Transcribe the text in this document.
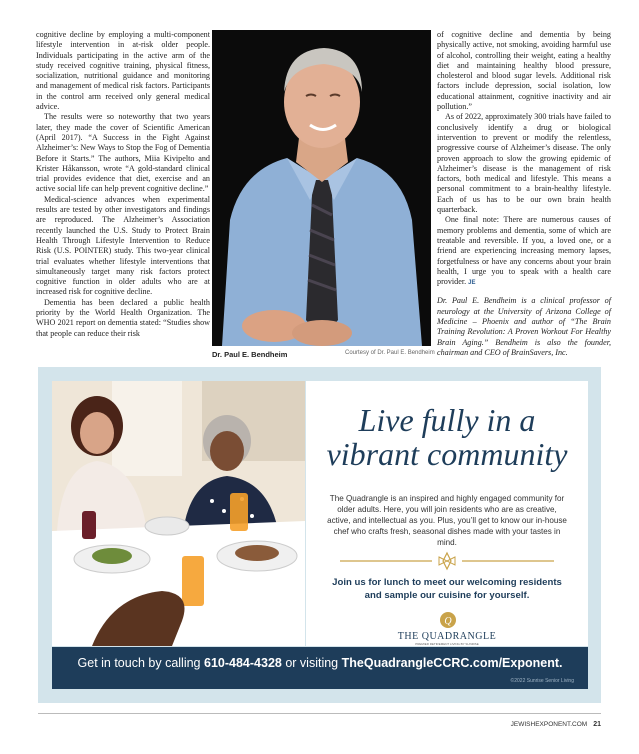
cognitive decline by employing a multi-component lifestyle intervention in at-risk older people. Individuals participating in the active arm of the study received cognitive training, physical fitness, socialization, nutritional guidance and monitoring and management of medical risk factors. Participants in the control arm received only general medical advice.

The results were so noteworthy that two years later, they made the cover of Scientific American (April 2017). “A Success in the Fight Against Alzheimer’s: New Ways to Stop the Fog of Dementia Before it Starts.” The authors, Miia Kivipelto and Krister Håkansson, wrote “A gold-standard clinical trial provides evidence that diet, exercise and an active social life can help prevent cognitive decline.”

Medical-science advances when experimental results are tested by other investigators and findings are reproduced. The Alzheimer’s Association recently launched the U.S. Study to Protect Brain Health Through Lifestyle Intervention to Reduce Risk (U.S. POINTER) study. This two-year clinical trial evaluates whether lifestyle interventions that simultaneously target many risk factors protect cognitive function in older adults who are at increased risk for cognitive decline.

Dementia has been declared a public health priority by the World Health Organization. The WHO 2021 report on dementia stated: “Studies show that people can reduce their risk

Dr. Paul E. Bendheim	Courtesy of Dr. Paul E. Bendheim

of cognitive decline and dementia by being physically active, not smoking, avoiding harmful use of alcohol, controlling their weight, eating a healthy diet and maintaining healthy blood pressure, cholesterol and blood sugar levels. Additional risk factors include depression, social isolation, low educational attainment, cognitive inactivity and air pollution.”

As of 2022, approximately 300 trials have failed to conclusively identify a drug or biological intervention to prevent or modify the relentless, progressive course of Alzheimer’s disease. The only proven approach to slow the growing epidemic of Alzheimer’s disease is the management of risk factors, both medical and lifestyle. This means a personal commitment to a brain-healthy lifestyle. Each of us has to be our own brain health quarterback.

One final note: There are numerous causes of memory problems and dementia, some of which are treatable and reversible. If you, a loved one, or a friend are experiencing increasing memory lapses, forgetfulness or have any concerns about your brain health, I urge you to speak with a health care provider. JE

Dr. Paul E. Bendheim is a clinical professor of neurology at the University of Arizona College of Medicine – Phoenix and author of “The Brain Training Revolution: A Proven Workout For Healthy Brain Aging.” Bendheim is also the founder, chairman and CEO of BrainSavers, Inc.

Live fully in a
vibrant community
The Quadrangle is an inspired and highly engaged community for older adults. Here, you will join residents who are as creative, active, and intellectual as you. Plus, you’ll get to know our in-house chef who crafts fresh, seasonal dishes made with your tastes in mind.
Join us for lunch to meet our welcoming residents
and sample our cuisine for yourself.
Q
THE QUADRANGLE
PREMIER RETIREMENT LIVING BY SUNRISE
Get in touch by calling 610-484-4328 or visiting TheQuadrangleCCRC.com/Exponent.
©2022 Sunrise Senior Living
JEWISHEXPONENT.COM 21
